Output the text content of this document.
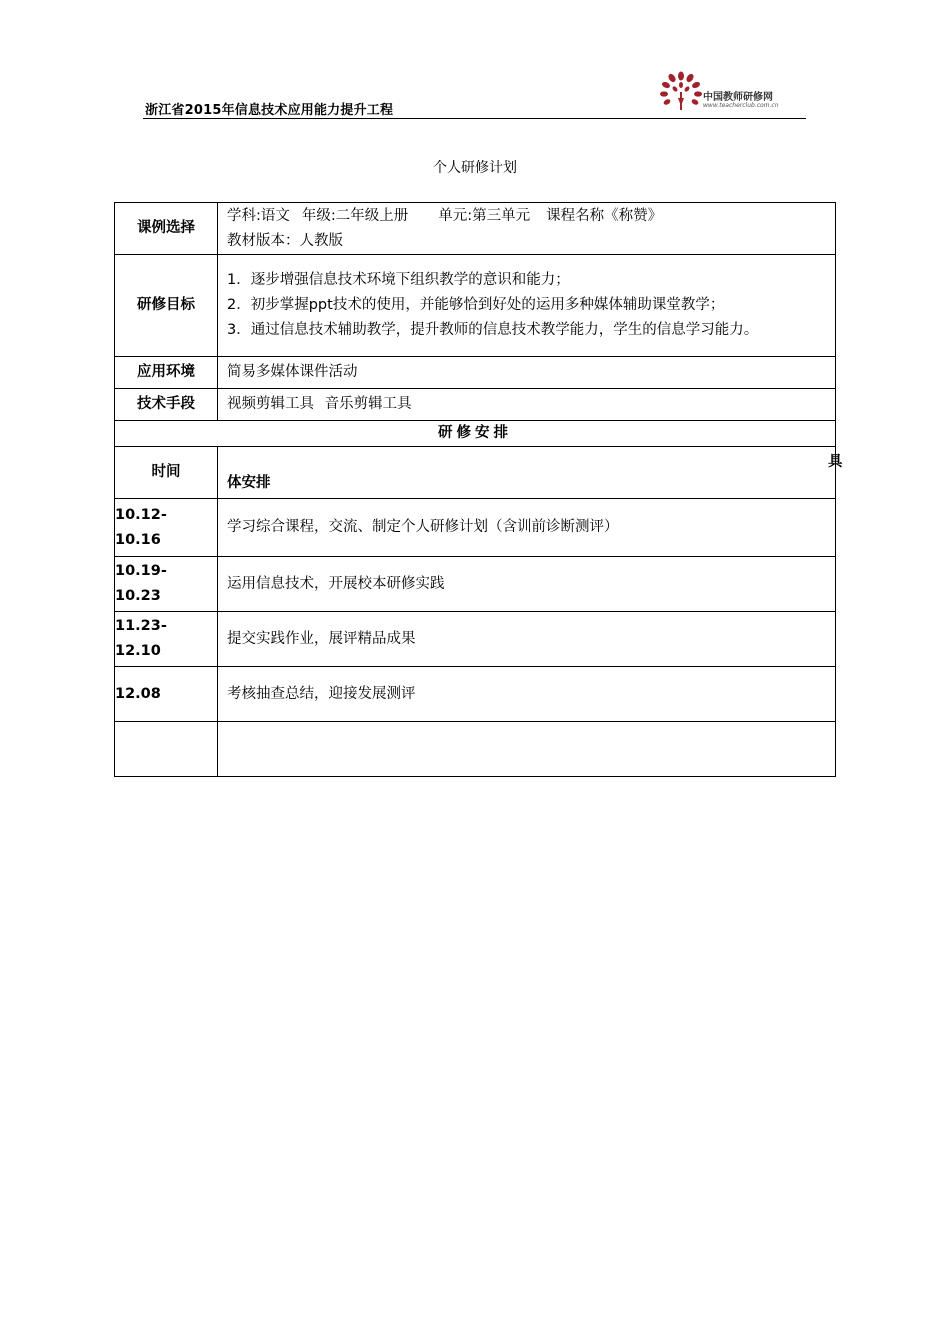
浙江省2015年信息技术应用能力提升工程
中国教师研修网
www.teacherclub.com.cn
个人研修计划
课例选择	学科:语文 年级:二年级上册 单元:第三单元 课程名称《称赞》
教材版本：人教版

研修目标	1．逐步增强信息技术环境下组织教学的意识和能力；
2．初步掌握ppt技术的使用，并能够恰到好处的运用多种媒体辅助课堂教学；
3．通过信息技术辅助教学，提升教师的信息技术教学能力，学生的信息学习能力。

应用环境	简易多媒体课件活动
技术手段	视频剪辑工具 音乐剪辑工具
研修安排	
时间	体安排

10.12-
10.16	学习综合课程，交流、制定个人研修计划（含训前诊断测评）

10.19-
10.23	运用信息技术，开展校本研修实践

11.23-
12.10	提交实践作业，展评精品成果

12.08	考核抽查总结，迎接发展测评

具
